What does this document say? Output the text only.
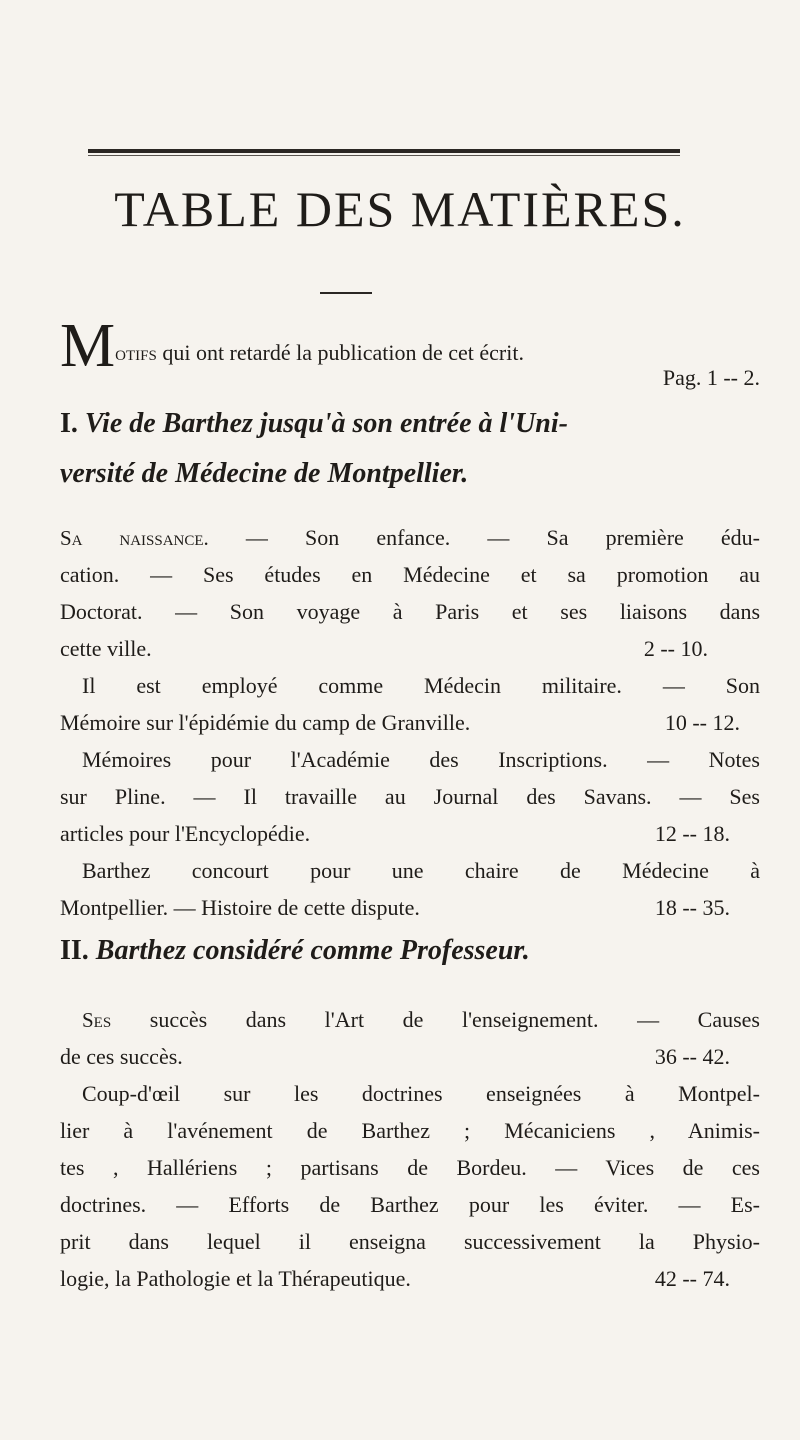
TABLE DES MATIÈRES.
Motifs qui ont retardé la publication de cet écrit.
Pag. 1 -- 2.
I. Vie de Barthez jusqu'à son entrée à l'Uni-
versité de Médecine de Montpellier.
Sa naissance. — Son enfance. — Sa première édu-
cation. — Ses études en Médecine et sa promotion au
Doctorat. — Son voyage à Paris et ses liaisons dans
cette ville.	2 -- 10.
Il est employé comme Médecin militaire. — Son
Mémoire sur l'épidémie du camp de Granville.	10 -- 12.
Mémoires pour l'Académie des Inscriptions. — Notes
sur Pline. — Il travaille au Journal des Savans. — Ses
articles pour l'Encyclopédie.	12 -- 18.
Barthez concourt pour une chaire de Médecine à
Montpellier. — Histoire de cette dispute.	18 -- 35.
II. Barthez considéré comme Professeur.
Ses succès dans l'Art de l'enseignement. — Causes
de ces succès.	36 -- 42.
Coup-d'œil sur les doctrines enseignées à Montpel-
lier à l'avénement de Barthez ; Mécaniciens , Animis-
tes , Hallériens ; partisans de Bordeu. — Vices de ces
doctrines. — Efforts de Barthez pour les éviter. — Es-
prit dans lequel il enseigna successivement la Physio-
logie, la Pathologie et la Thérapeutique.	42 -- 74.
